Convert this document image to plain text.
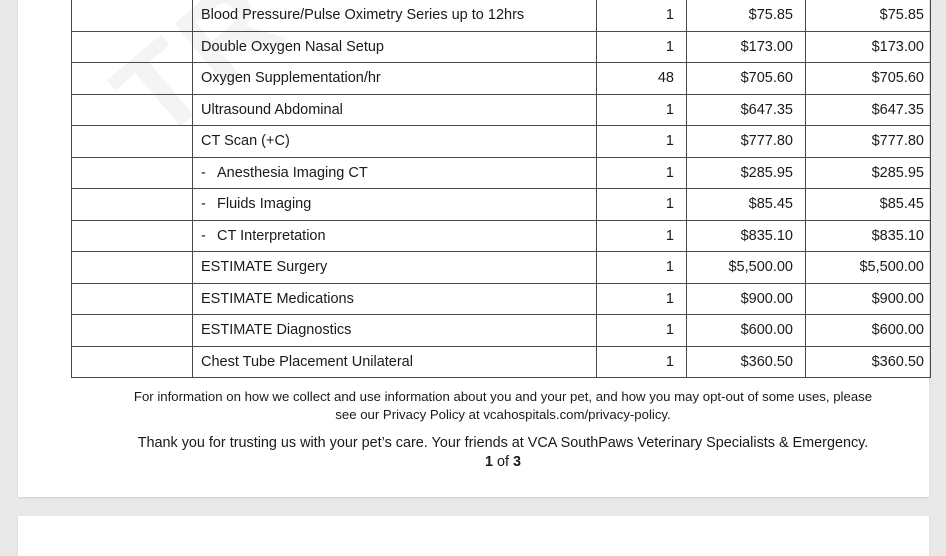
	Blood Pressure/Pulse Oximetry Series up to 12hrs	1	$75.85	$75.85
	Double Oxygen Nasal Setup	1	$173.00	$173.00
	Oxygen Supplementation/hr	48	$705.60	$705.60
	Ultrasound Abdominal	1	$647.35	$647.35
	CT Scan (+C)	1	$777.80	$777.80
	- Anesthesia Imaging CT	1	$285.95	$285.95
	- Fluids Imaging	1	$85.45	$85.45
	- CT Interpretation	1	$835.10	$835.10
	ESTIMATE Surgery	1	$5,500.00	$5,500.00
	ESTIMATE Medications	1	$900.00	$900.00
	ESTIMATE Diagnostics	1	$600.00	$600.00
	Chest Tube Placement Unilateral	1	$360.50	$360.50
For information on how we collect and use information about you and your pet, and how you may opt-out of some uses, please
see our Privacy Policy at vcahospitals.com/privacy-policy.
Thank you for trusting us with your pet’s care. Your friends at VCA SouthPaws Veterinary Specialists & Emergency.
1 of 3
